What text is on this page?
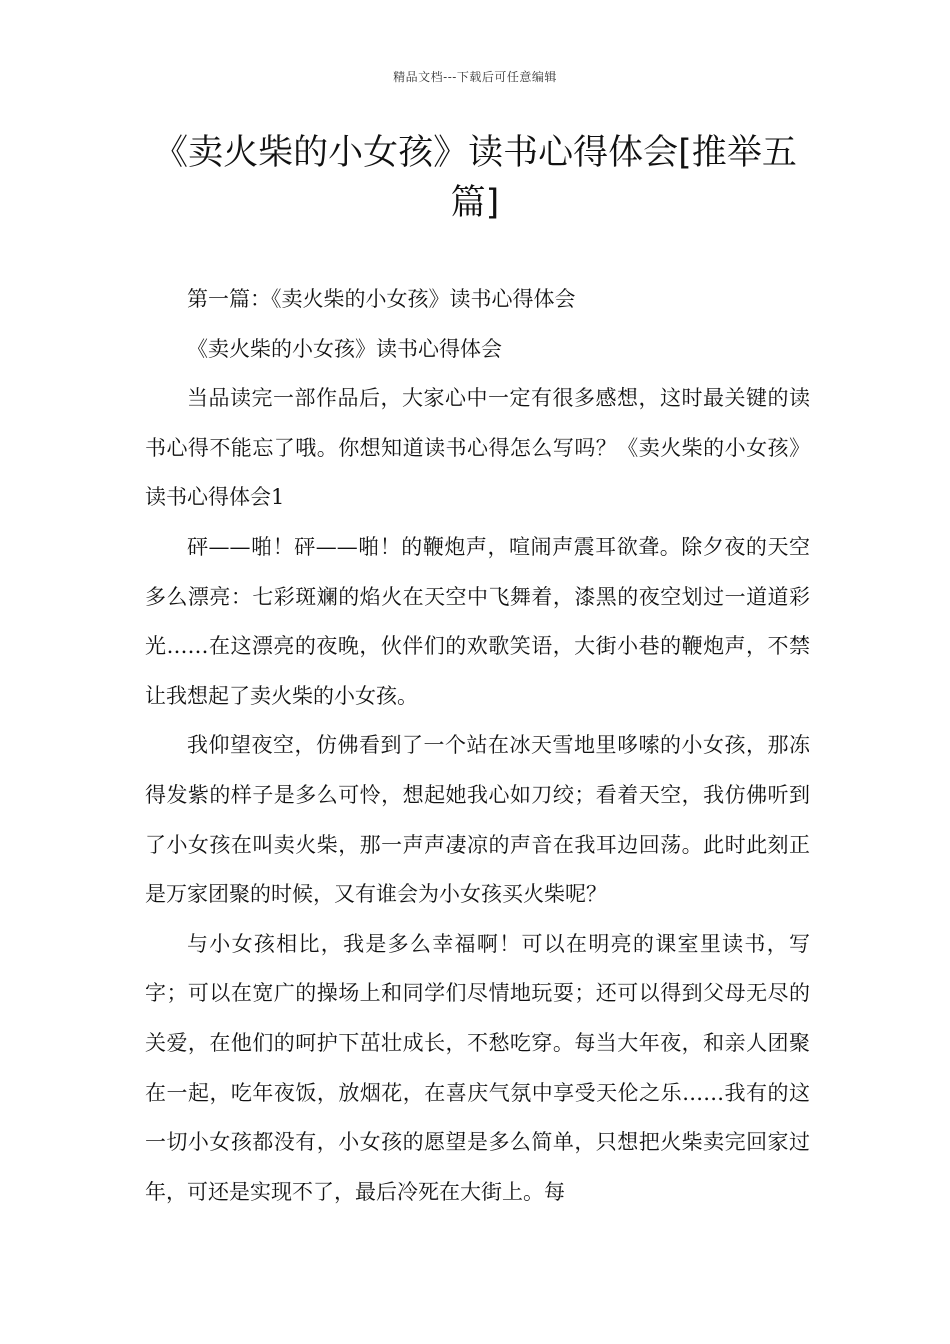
精品文档---下载后可任意编辑
《卖火柴的小女孩》读书心得体会[推举五篇]

第一篇：《卖火柴的小女孩》读书心得体会

《卖火柴的小女孩》读书心得体会

当品读完一部作品后，大家心中一定有很多感想，这时最关键的读书心得不能忘了哦。你想知道读书心得怎么写吗？《卖火柴的小女孩》读书心得体会1

砰——啪！砰——啪！的鞭炮声，喧闹声震耳欲聋。除夕夜的天空多么漂亮：七彩斑斓的焰火在天空中飞舞着，漆黑的夜空划过一道道彩光……在这漂亮的夜晚，伙伴们的欢歌笑语，大街小巷的鞭炮声，不禁让我想起了卖火柴的小女孩。

我仰望夜空，仿佛看到了一个站在冰天雪地里哆嗦的小女孩，那冻得发紫的样子是多么可怜，想起她我心如刀绞；看着天空，我仿佛听到了小女孩在叫卖火柴，那一声声凄凉的声音在我耳边回荡。此时此刻正是万家团聚的时候，又有谁会为小女孩买火柴呢？

与小女孩相比，我是多么幸福啊！可以在明亮的课室里读书，写字；可以在宽广的操场上和同学们尽情地玩耍；还可以得到父母无尽的关爱，在他们的呵护下茁壮成长，不愁吃穿。每当大年夜，和亲人团聚在一起，吃年夜饭，放烟花，在喜庆气氛中享受天伦之乐……我有的这一切小女孩都没有，小女孩的愿望是多么简单，只想把火柴卖完回家过年，可还是实现不了，最后冷死在大街上。每
